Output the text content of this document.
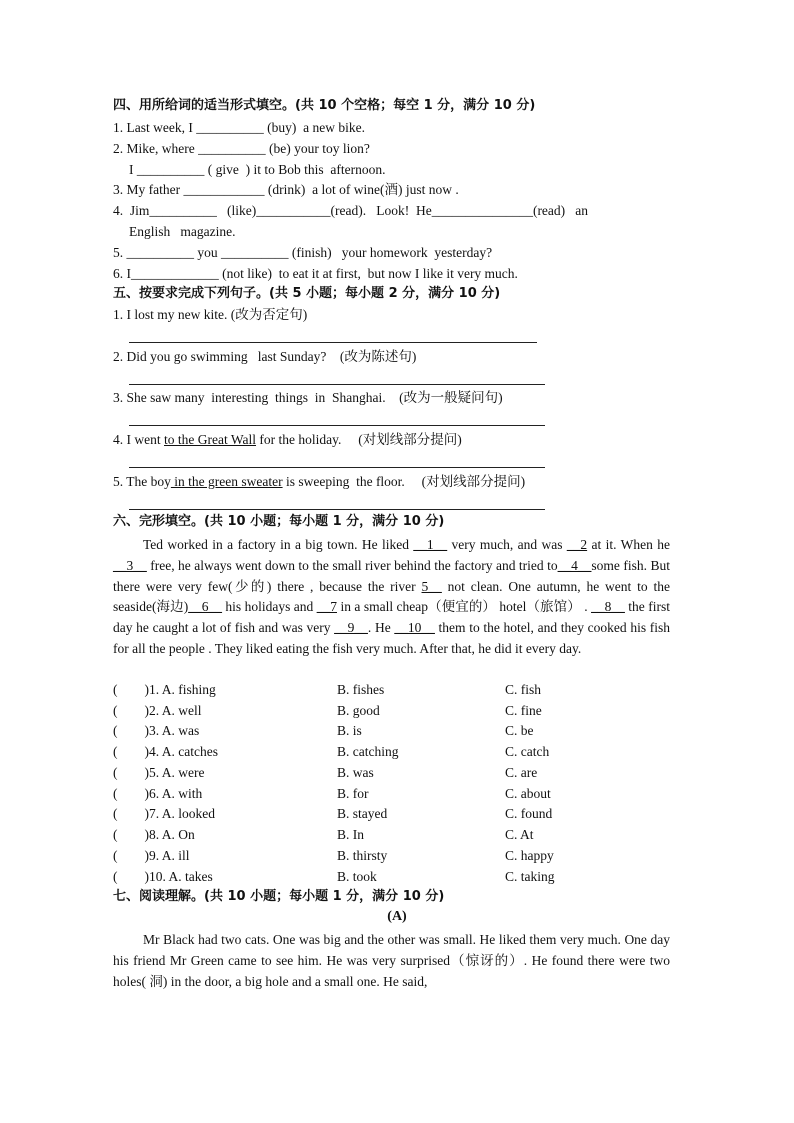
四、用所给词的适当形式填空。(共 10 个空格；每空 1 分，满分 10 分)
1. Last week, I __________ (buy)  a new bike.
2. Mike, where __________ (be) your toy lion?
I __________ ( give  ) it to Bob this  afternoon.
3. My father ____________ (drink)  a lot of wine(酒) just now .
4.  Jim__________   (like)___________(read).   Look!  He_______________(read)   an
English   magazine.
5. __________ you __________ (finish)   your homework  yesterday?
6. I_____________ (not like)  to eat it at first,  but now I like it very much.
五、按要求完成下列句子。(共 5 小题；每小题 2 分，满分 10 分)
1. I lost my new kite. (改为否定句)
2. Did you go swimming   last Sunday?    (改为陈述句)
3. She saw many  interesting  things  in  Shanghai.    (改为一般疑问句)
4. I went to the Great Wall for the holiday.     (对划线部分提问)
5. The boy in the green sweater is sweeping  the floor.     (对划线部分提问)
六、完形填空。(共 10 小题；每小题 1 分，满分 10 分)
Ted worked in a factory in a big town. He liked __1__ very much, and was __2 at it. When he __3__ free, he always went down to the small river behind the factory and tried to__4__some fish. But there were very few(少的) there , because the river 5__ not clean. One autumn, he went to the seaside(海边)__6__ his holidays and __7 in a small cheap（便宜的） hotel（旅馆） . __8__ the first day he caught a lot of fish and was very __9__. He __10__ them to the hotel, and they cooked his fish for all the people . They liked eating the fish very much. After that, he did it every day.
(        )1. A. fishing	B. fishes	C. fish
(        )2. A. well	B. good	C. fine
(        )3. A. was	B. is	C. be
(        )4. A. catches	B. catching	C. catch
(        )5. A. were	B. was	C. are
(        )6. A. with	B. for	C. about
(        )7. A. looked	B. stayed	C. found
(        )8. A. On	B. In	C. At
(        )9. A. ill	B. thirsty	C. happy
(        )10. A. takes	B. took	C. taking
七、阅读理解。(共 10 小题；每小题 1 分，满分 10 分)
(A)
Mr Black had two cats. One was big and the other was small. He liked them very much. One day his friend Mr Green came to see him. He was very surprised（惊讶的）. He found there were two holes( 洞) in the door, a big hole and a small one. He said,
